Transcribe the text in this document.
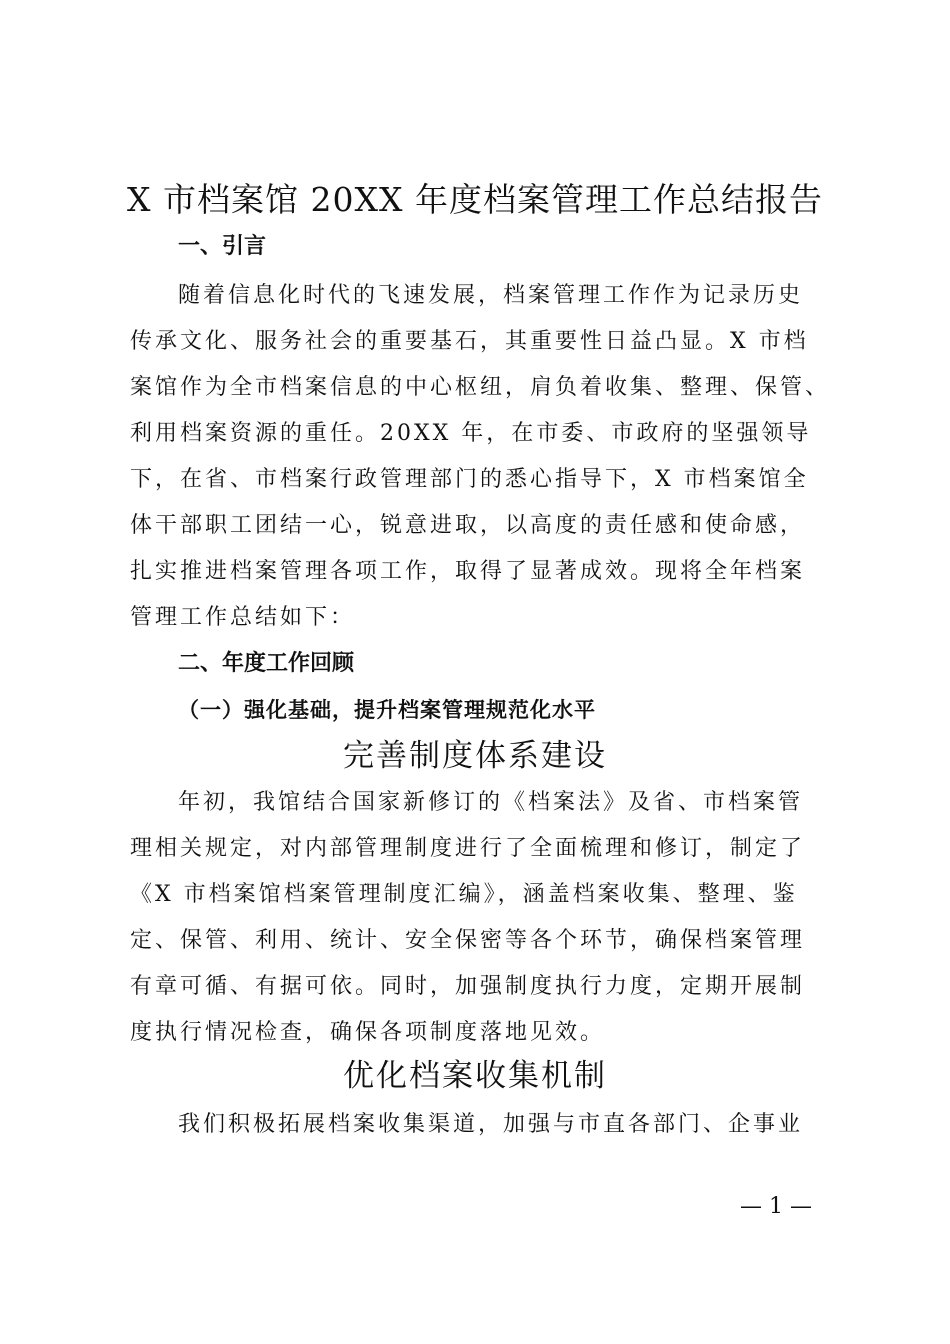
X 市档案馆 20XX 年度档案管理工作总结报告
一、引言
随着信息化时代的飞速发展，档案管理工作作为记录历史
传承文化、服务社会的重要基石，其重要性日益凸显。X 市档
案馆作为全市档案信息的中心枢纽，肩负着收集、整理、保管、
利用档案资源的重任。20XX 年，在市委、市政府的坚强领导
下，在省、市档案行政管理部门的悉心指导下，X 市档案馆全
体干部职工团结一心，锐意进取，以高度的责任感和使命感，
扎实推进档案管理各项工作，取得了显著成效。现将全年档案
管理工作总结如下：
二、年度工作回顾
（一）强化基础，提升档案管理规范化水平
完善制度体系建设
年初，我馆结合国家新修订的《档案法》及省、市档案管
理相关规定，对内部管理制度进行了全面梳理和修订，制定了
《X 市档案馆档案管理制度汇编》，涵盖档案收集、整理、鉴
定、保管、利用、统计、安全保密等各个环节，确保档案管理
有章可循、有据可依。同时，加强制度执行力度，定期开展制
度执行情况检查，确保各项制度落地见效。
优化档案收集机制
我们积极拓展档案收集渠道，加强与市直各部门、企事业
— 1 —
